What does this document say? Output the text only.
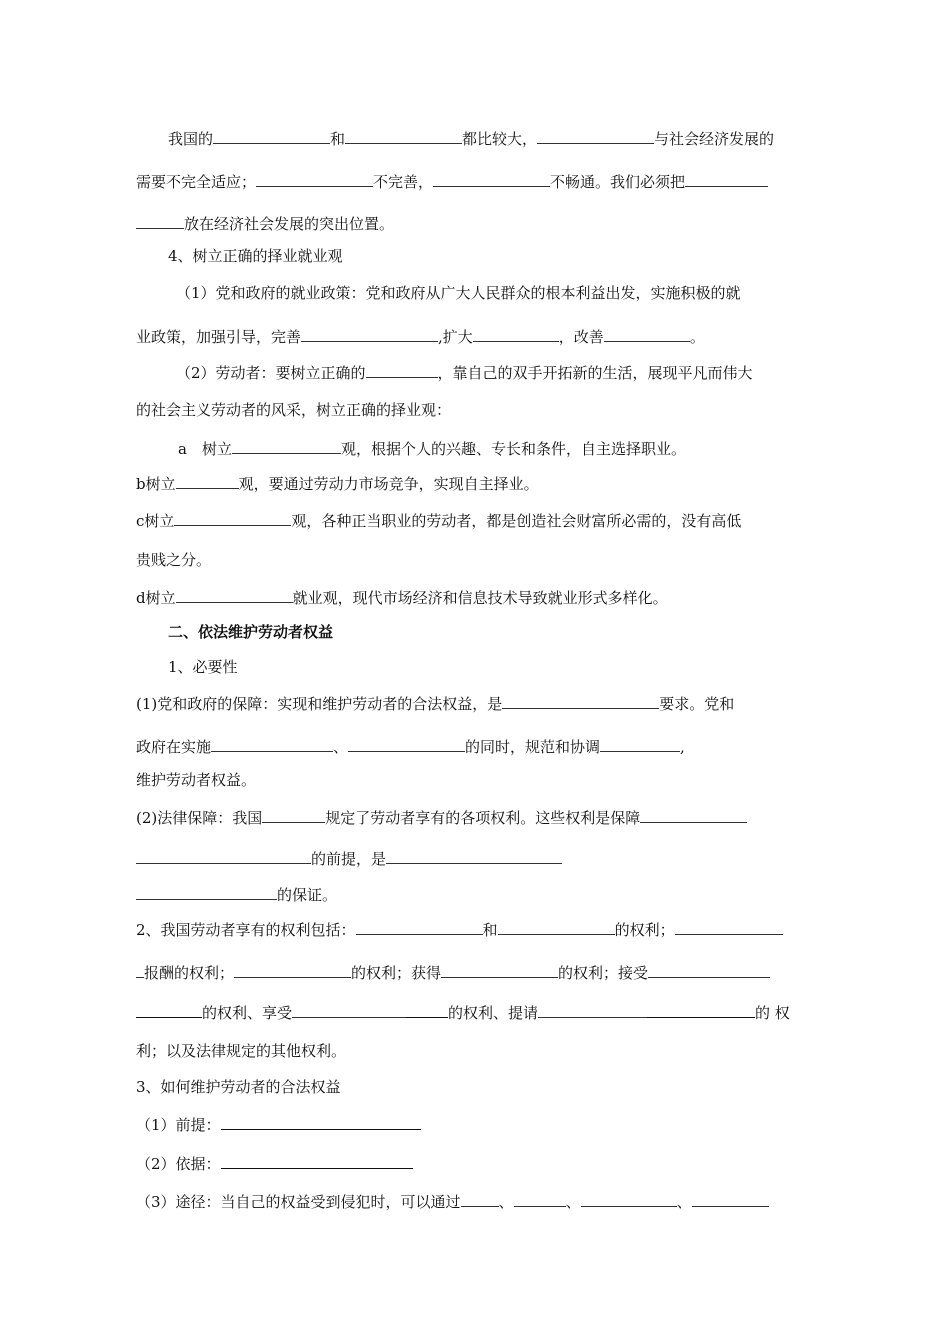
我国的	和	都比较大，	与社会经济发展的
需要不完全适应；	不完善，	不畅通。我们必须把
放在经济社会发展的突出位置。
4、树立正确的择业就业观
（1）党和政府的就业政策：党和政府从广大人民群众的根本利益出发，实施积极的就
业政策，加强引导，完善	,扩大	，改善	。
（2）劳动者：要树立正确的	，靠自己的双手开拓新的生活，展现平凡而伟大
的社会主义劳动者的风采，树立正确的择业观：
a　树立	观，根据个人的兴趣、专长和条件，自主选择职业。
b树立	观，要通过劳动力市场竞争，实现自主择业。
c树立	观，各种正当职业的劳动者，都是创造社会财富所必需的，没有高低
贵贱之分。
d树立	就业观，现代市场经济和信息技术导致就业形式多样化。
二、依法维护劳动者权益
1、必要性
(1)党和政府的保障：实现和维护劳动者的合法权益，是	要求。党和
政府在实施	、	的同时，规范和协调	,
维护劳动者权益。
(2)法律保障：我国	规定了劳动者享有的各项权利。这些权利是保障
的前提，是
的保证。
2、我国劳动者享有的权利包括：	和	的权利；
报酬的权利；	的权利；获得	的权利；接受
的权利、享受	的权利、提请	的 权
利；以及法律规定的其他权利。
3、如何维护劳动者的合法权益
（1）前提：
（2）依据：
（3）途径：当自己的权益受到侵犯时，可以通过	、	、	、
